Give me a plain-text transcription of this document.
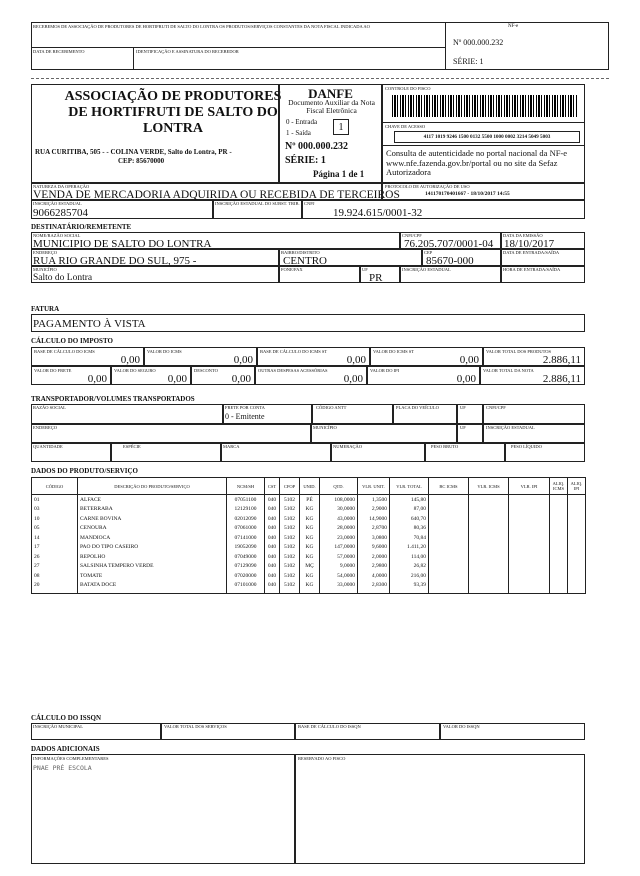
RECEBEMOS DE ASSOCIAÇÃO DE PRODUTORES DE HORTIFRUTI DE SALTO DO LONTRA OS PRODUTOS/SERVIÇOS CONSTANTES DA NOTA FISCAL INDICADA AO
DATA DE RECEBIMENTO	IDENTIFICAÇÃO E ASSINATURA DO RECEBEDOR
NF-e
Nº 000.000.232
SÉRIE: 1
ASSOCIAÇÃO DE PRODUTORES DE HORTIFRUTI DE SALTO DO LONTRA
RUA CURITIBA, 505 - - COLINA VERDE, Salto do Lontra, PR -
CEP: 85670000
DANFE
Documento Auxiliar da Nota Fiscal Eletrônica
0 - Entrada
1 - Saída	1
Nº 000.000.232
SÉRIE: 1
Página 1 de 1
CONTROLE DO FISCO
CHAVE DE ACESSO
4117 1019 9246 1500 0132 5500 1000 0002 3214 5049 5003
Consulta de autenticidade no portal nacional da NF-e www.nfe.fazenda.gov.br/portal ou no site da Sefaz Autorizadora
NATUREZA DA OPERAÇÃO
VENDA DE MERCADORIA ADQUIRIDA OU RECEBIDA DE TERCEIROS
PROTOCOLO DE AUTORIZAÇÃO DE USO
141170170401667 - 18/10/2017 14:55
INSCRIÇÃO ESTADUAL
9066285704
INSCRIÇÃO ESTADUAL DO SUBST. TRIB. CNPJ
19.924.615/0001-32
DESTINATÁRIO/REMETENTE
NOME/RAZÃO SOCIAL
MUNICIPIO DE SALTO DO LONTRA
CNPJ/CPF
76.205.707/0001-04
DATA DA EMISSÃO
18/10/2017
ENDEREÇO
RUA RIO GRANDE DO SUL, 975 -
BAIRRO/DISTRITO
CENTRO
CEP
85670-000
DATA DE ENTRADA/SAÍDA
MUNICÍPIO
Salto do Lontra
FONE/FAX	UF
PR
INSCRIÇÃO ESTADUAL	HORA DE ENTRADA/SAÍDA
FATURA
PAGAMENTO À VISTA
CÁLCULO DO IMPOSTO
BASE DE CÁLCULO DO ICMS
0,00
VALOR DO ICMS
0,00
BASE DE CÁLCULO DO ICMS ST
0,00
VALOR DO ICMS ST
0,00
VALOR TOTAL DOS PRODUTOS
2.886,11
VALOR DO FRETE
0,00
VALOR DO SEGURO
0,00
DESCONTO
0,00
OUTRAS DESPESAS ACESSÓRIAS
0,00
VALOR DO IPI
0,00
VALOR TOTAL DA NOTA
2.886,11
TRANSPORTADOR/VOLUMES TRANSPORTADOS
RAZÃO SOCIAL	FRETE POR CONTA
0 - Emitente
CÓDIGO ANTT	PLACA DO VEÍCULO	UF	CNPJ/CPF
ENDEREÇO	MUNICÍPIO	UF	INSCRIÇÃO ESTADUAL
QUANTIDADE	ESPÉCIE	MARCA	NUMERAÇÃO	PESO BRUTO	PESO LÍQUIDO
DADOS DO PRODUTO/SERVIÇO
CÓDIGO	DESCRIÇÃO DO PRODUTO/SERVIÇO	NCM/SH	CST	CFOP	UNID.	QTD.	VLR. UNIT.	VLR. TOTAL	BC ICMS	VLR. ICMS	VLR. IPI	ALIQ. ICMS	ALIQ. IPI
01	ALFACE	07051100	040	5102	PÉ	108,0000	1,3500	145,80					
03	BETERRABA	12129100	040	5102	KG	30,0000	2,9000	87,00					
10	CARNE BOVINA	02012090	040	5102	KG	43,0000	14,9000	640,70					
05	CENOURA	07061000	040	5102	KG	28,0000	2,8700	80,36					
14	MANDIOCA	07141000	040	5102	KG	23,0000	3,0800	70,84					
17	PAO DO TIPO CASEIRO	19052090	040	5102	KG	147,0000	9,6000	1.411,20					
26	REPOLHO	07049000	040	5102	KG	57,0000	2,0000	114,00					
27	SALSINHA TEMPERO VERDE	07129090	040	5102	MÇ	9,0000	2,9800	26,82					
08	TOMATE	07020000	040	5102	KG	54,0000	4,0000	216,00					
20	BATATA DOCE	07101000	040	5102	KG	33,0000	2,8300	93,39					

CÁLCULO DO ISSQN
INSCRIÇÃO MUNICIPAL	VALOR TOTAL DOS SERVIÇOS	BASE DE CÁLCULO DO ISSQN	VALOR DO ISSQN
DADOS ADICIONAIS
INFORMAÇÕES COMPLEMENTARES
PNAE PRÉ ESCOLA
RESERVADO AO FISCO
